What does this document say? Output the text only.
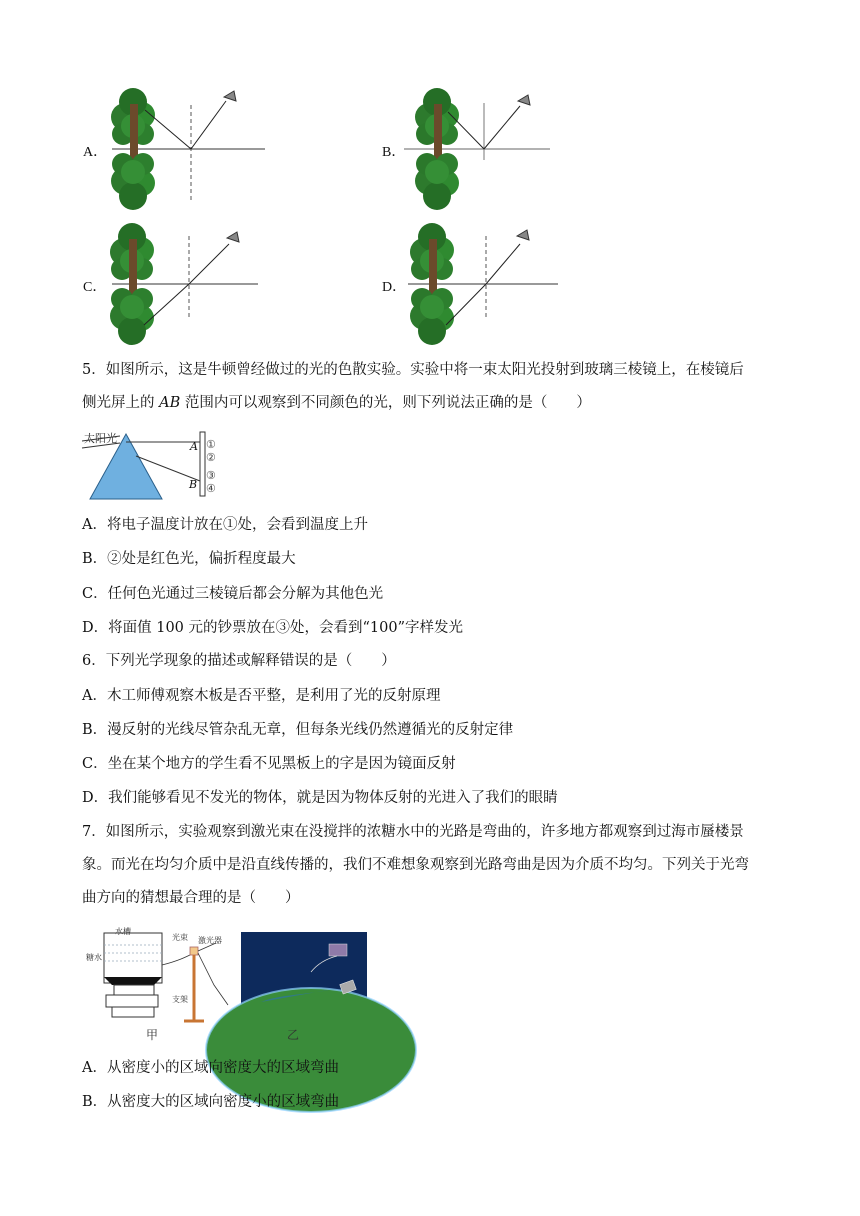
A．	B．
C．	D．
5．如图所示，这是牛顿曾经做过的光的色散实验。实验中将一束太阳光投射到玻璃三棱镜上，在棱镜后
侧光屏上的 AB 范围内可以观察到不同颜色的光，则下列说法正确的是（　　）
太阳光
A
B
①
②
③
④
A．将电子温度计放在①处，会看到温度上升
B．②处是红色光，偏折程度最大
C．任何色光通过三棱镜后都会分解为其他色光
D．将面值 100 元的钞票放在③处，会看到“100”字样发光
6．下列光学现象的描述或解释错误的是（　　）
A．木工师傅观察木板是否平整，是利用了光的反射原理
B．漫反射的光线尽管杂乱无章，但每条光线仍然遵循光的反射定律
C．坐在某个地方的学生看不见黑板上的字是因为镜面反射
D．我们能够看见不发光的物体，就是因为物体反射的光进入了我们的眼睛
7．如图所示，实验观察到激光束在没搅拌的浓糖水中的光路是弯曲的，许多地方都观察到过海市蜃楼景
象。而光在均匀介质中是沿直线传播的，我们不难想象观察到光路弯曲是因为介质不均匀。下列关于光弯
曲方向的猜想最合理的是（　　）
水槽
糖水
光束 激光器
支架
甲	乙
A．从密度小的区域向密度大的区域弯曲
B．从密度大的区域向密度小的区域弯曲
